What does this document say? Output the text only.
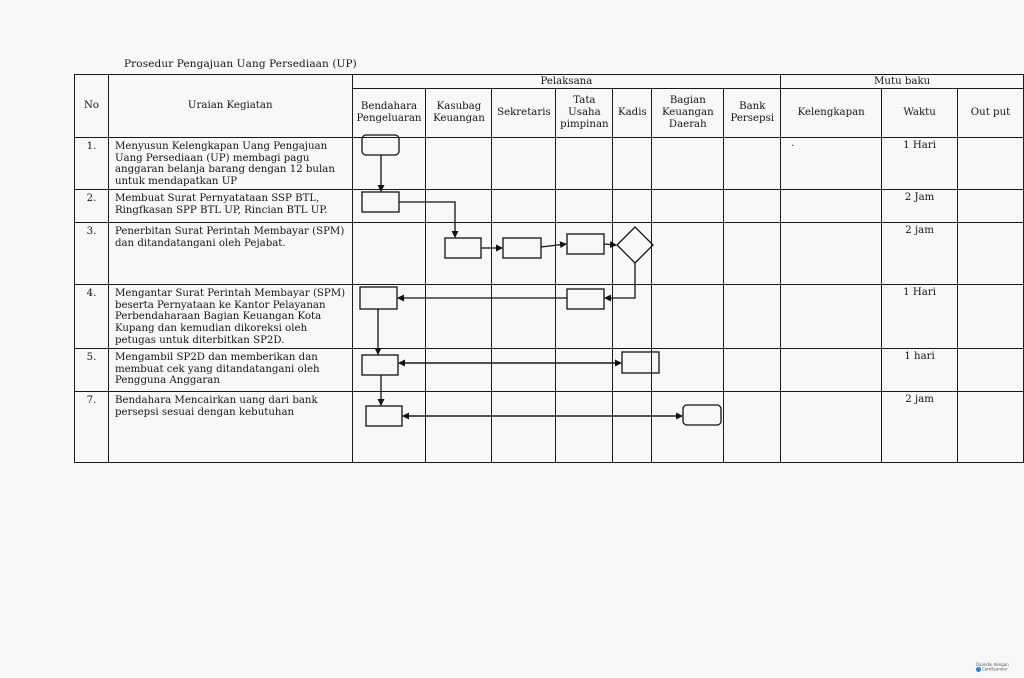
Prosedur Pengajuan Uang Persediaan (UP)
No	Uraian Kegiatan	Pelaksana							Mutu baku		
		Bendahara Pengeluaran	Kasubag Keuangan	Sekretaris	Tata Usaha pimpinan	Kadis	Bagian Keuangan Daerah	Bank Persepsi	Kelengkapan	Waktu	Out put
1.	Menyusun Kelengkapan Uang Pengajuan
Uang Persediaan (UP) membagi pagu
anggaran belanja barang dengan 12 bulan
untuk mendapatkan UP								.	1 Hari	
2.	Membuat Surat Pernyatataan SSP BTL,
Ringfkasan SPP BTL UP, Rincian BTL UP.									2 Jam	
3.	Penerbitan Surat Perintah Membayar (SPM)
dan ditandatangani oleh Pejabat.									2 jam	
4.	Mengantar Surat Perintah Membayar (SPM)
beserta Pernyataan ke Kantor Pelayanan
Perbendaharaan Bagian Keuangan Kota
Kupang dan kemudian dikoreksi oleh
petugas untuk diterbitkan SP2D.									1 Hari	
5.	Mengambil SP2D dan memberikan dan
membuat cek yang ditandatangani oleh
Pengguna Anggaran									1 hari	
7.	Bendahara Mencairkan uang dari bank
persepsi sesuai dengan kebutuhan									2 jam	
Dipindai dengan
CamScanner
